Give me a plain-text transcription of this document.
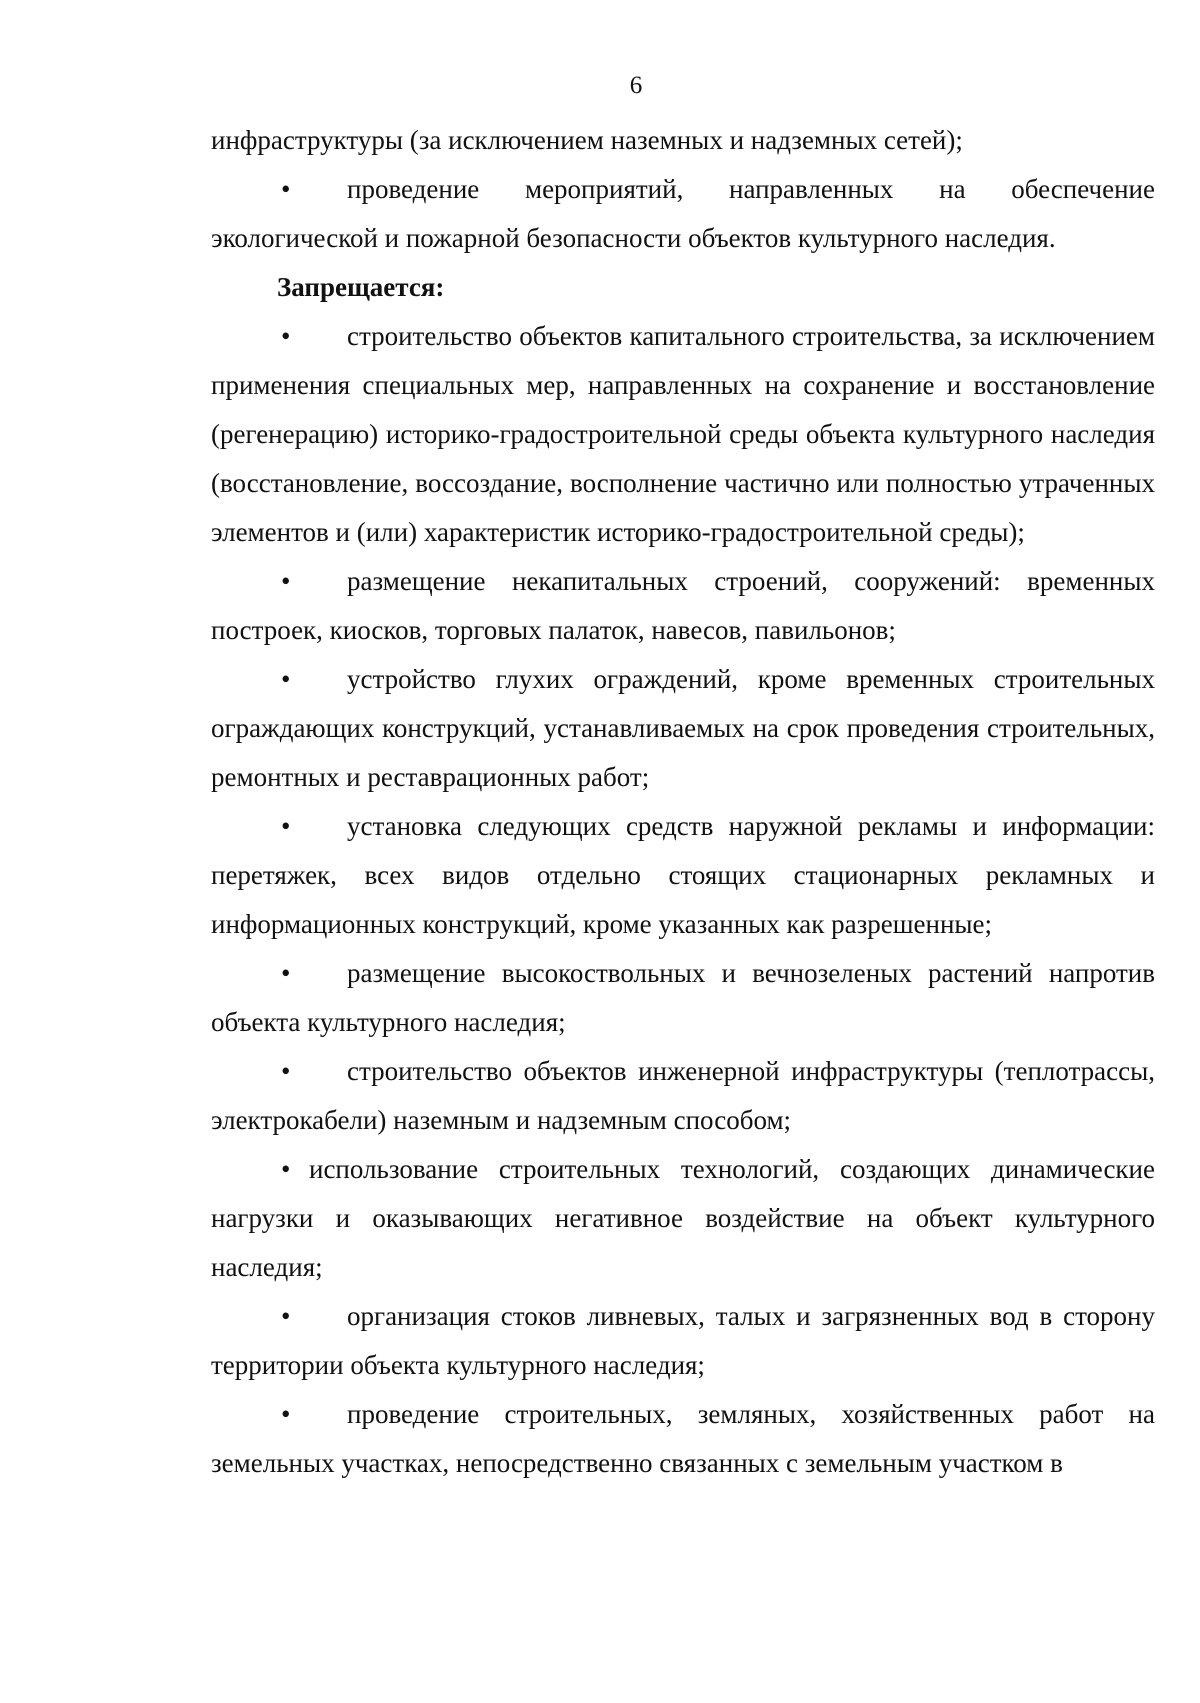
6

инфраструктуры (за исключением наземных и надземных сетей);

• проведение мероприятий, направленных на обеспечение экологической и пожарной безопасности объектов культурного наследия.

Запрещается:

• строительство объектов капитального строительства, за исключением применения специальных мер, направленных на сохранение и восстановление (регенерацию) историко-градостроительной среды объекта культурного наследия (восстановление, воссоздание, восполнение частично или полностью утраченных элементов и (или) характеристик историко-градостроительной среды);

• размещение некапитальных строений, сооружений: временных построек, киосков, торговых палаток, навесов, павильонов;

• устройство глухих ограждений, кроме временных строительных ограждающих конструкций, устанавливаемых на срок проведения строительных, ремонтных и реставрационных работ;

• установка следующих средств наружной рекламы и информации: перетяжек, всех видов отдельно стоящих стационарных рекламных и информационных конструкций, кроме указанных как разрешенные;

• размещение высокоствольных и вечнозеленых растений напротив объекта культурного наследия;

• строительство объектов инженерной инфраструктуры (теплотрассы, электрокабели) наземным и надземным способом;

• использование строительных технологий, создающих динамические нагрузки и оказывающих негативное воздействие на объект культурного наследия;

• организация стоков ливневых, талых и загрязненных вод в сторону территории объекта культурного наследия;

• проведение строительных, земляных, хозяйственных работ на земельных участках, непосредственно связанных с земельным участком в
